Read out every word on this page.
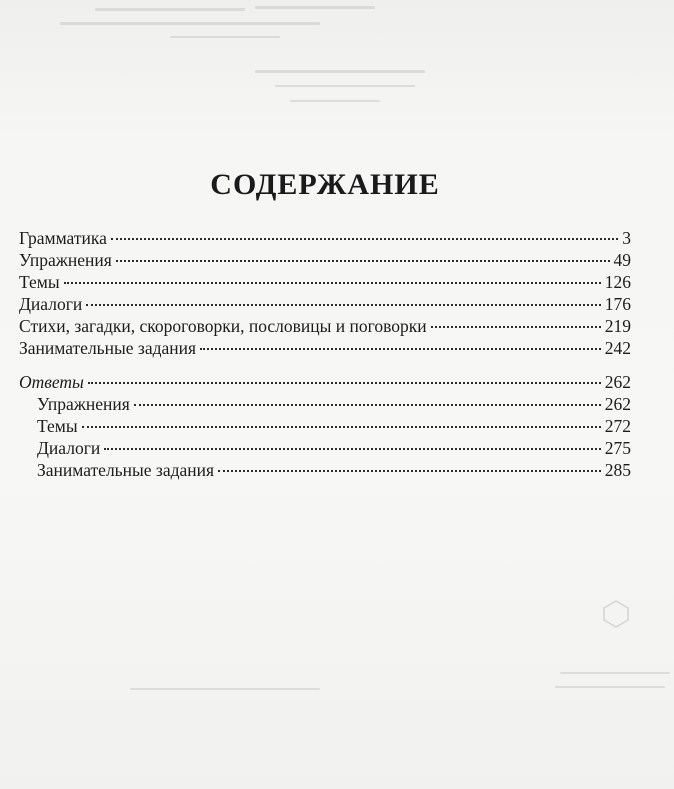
СОДЕРЖАНИЕ
Грамматика	3
Упражнения	49
Темы	126
Диалоги	176
Стихи, загадки, скороговорки, пословицы и поговорки	219
Занимательные задания	242
Ответы	262
Упражнения	262
Темы	272
Диалоги	275
Занимательные задания	285
